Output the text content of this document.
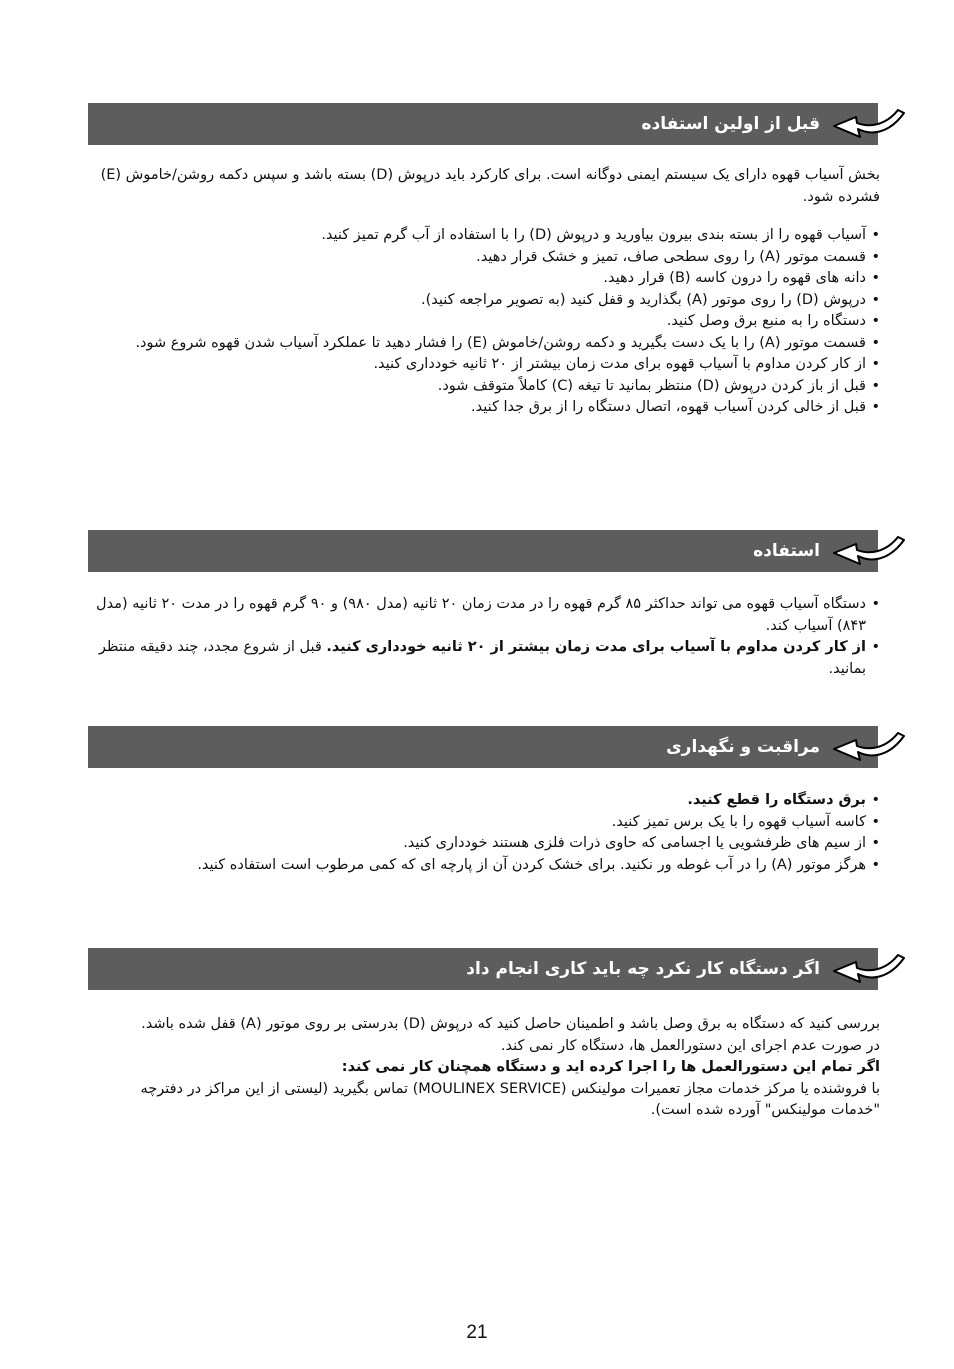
قبل از اولین استفاده

بخش آسیاب قهوه دارای یک سیستم ایمنی دوگانه است. برای کارکرد باید درپوش (D) بسته باشد و سپس دکمه روشن/خاموش (E) فشرده شود.

• آسیاب قهوه را از بسته بندی بیرون بیاورید و درپوش (D) را با استفاده از آب گرم تمیز کنید.
• قسمت موتور (A) را روی سطحی صاف، تمیز و خشک قرار دهید.
• دانه های قهوه را درون کاسه (B) قرار دهید.
• درپوش (D) را روی موتور (A) بگذارید و قفل کنید (به تصویر مراجعه کنید).
• دستگاه را به منبع برق وصل کنید.
• قسمت موتور (A) را با یک دست بگیرید و دکمه روشن/خاموش (E) را فشار دهید تا عملکرد آسیاب شدن قهوه شروع شود.
• از کار کردن مداوم با آسیاب قهوه برای مدت زمان بیشتر از ۲۰ ثانیه خودداری کنید.
• قبل از باز کردن درپوش (D) منتظر بمانید تا تیغه (C) کاملاً متوقف شود.
• قبل از خالی کردن آسیاب قهوه، اتصال دستگاه را از برق جدا کنید.
استفاده
• دستگاه آسیاب قهوه می تواند حداکثر ۸۵ گرم قهوه را در مدت زمان ۲۰ ثانیه (مدل ۹۸۰) و ۹۰ گرم قهوه را در مدت ۲۰ ثانیه (مدل ۸۴۳) آسیاب کند.
• از کار کردن مداوم با آسیاب برای مدت زمان بیشتر از ۲۰ ثانیه خودداری کنید. قبل از شروع مجدد، چند دقیقه منتظر بمانید.
مراقبت و نگهداری
• برق دستگاه را قطع کنید.
• کاسه آسیاب قهوه را با یک برس تمیز کنید.
• از سیم های ظرفشویی یا اجسامی که حاوی ذرات فلزی هستند خودداری کنید.
• هرگز موتور (A) را در آب غوطه ور نکنید. برای خشک کردن آن از پارچه ای که کمی مرطوب است استفاده کنید.
اگر دستگاه کار نکرد چه باید کاری انجام داد

بررسی کنید که دستگاه به برق وصل باشد و اطمینان حاصل کنید که درپوش (D) بدرستی بر روی موتور (A) قفل شده باشد.

در صورت عدم اجرای این دستورالعمل ها، دستگاه کار نمی کند.

اگر تمام این دستورالعمل ها را اجرا کرده اید و دستگاه همچنان کار نمی کند:

با فروشنده یا مرکز خدمات مجاز تعمیرات مولینکس (MOULINEX SERVICE) تماس بگیرید (لیستی از این مراکز در دفترچه "خدمات مولینکس" آورده شده است).

21
